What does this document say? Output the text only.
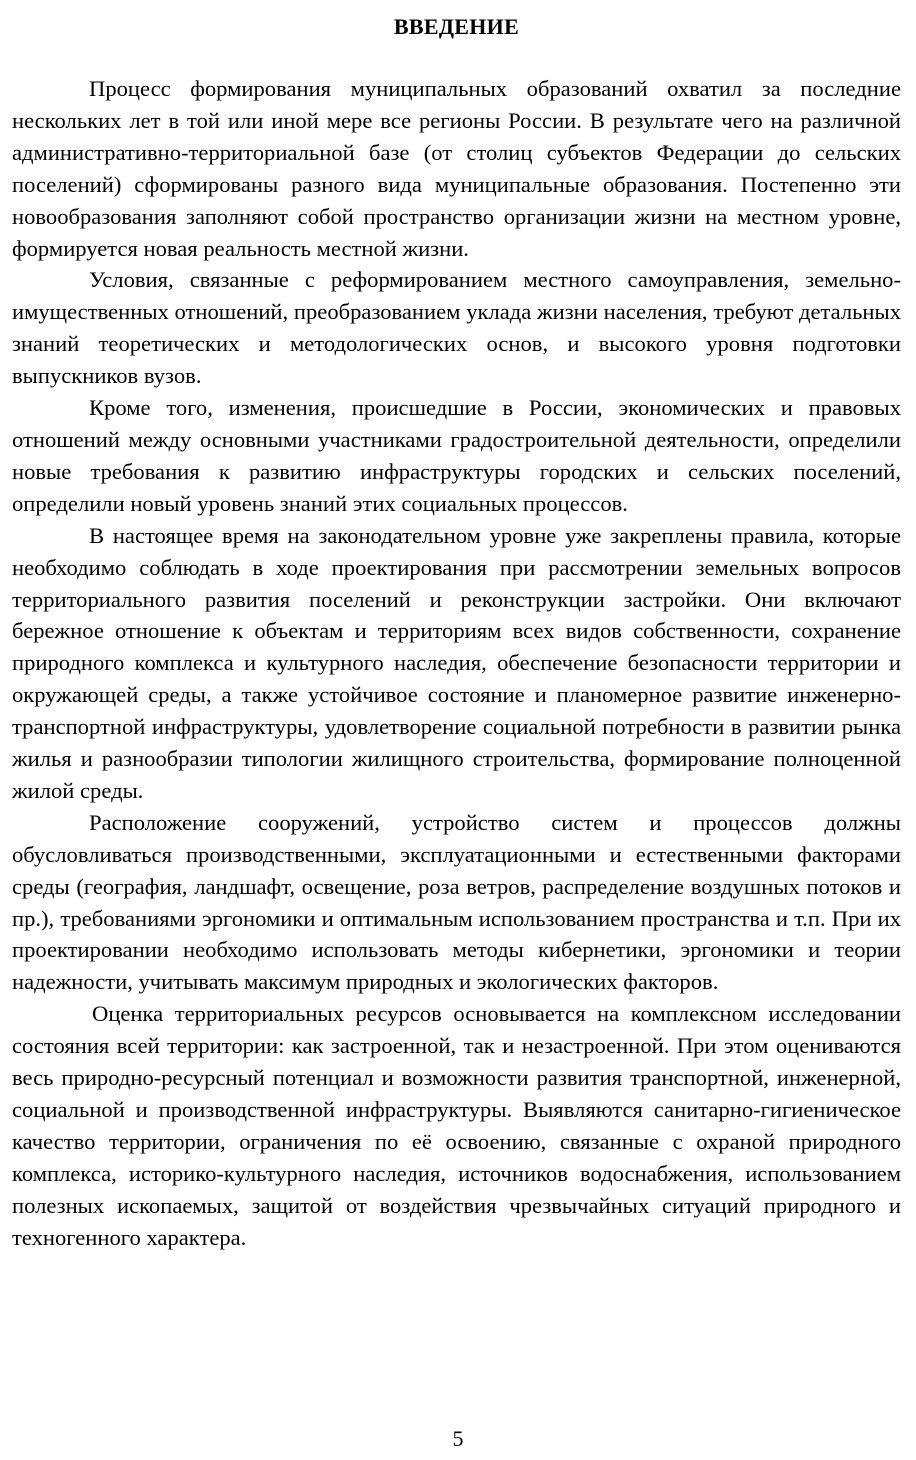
ВВЕДЕНИЕ

Процесс формирования муниципальных образований охватил за последние нескольких лет в той или иной мере все регионы России. В результате чего на различной административно-территориальной базе (от столиц субъектов Федерации до сельских поселений) сформированы разного вида муниципальные образования. Постепенно эти новообразования заполняют собой пространство организации жизни на местном уровне, формируется новая реальность местной жизни.

Условия, связанные с реформированием местного самоуправления, земельно-имущественных отношений, преобразованием уклада жизни населения, требуют детальных знаний теоретических и методологических основ, и высокого уровня подготовки выпускников вузов.

Кроме того, изменения, происшедшие в России, экономических и правовых отношений между основными участниками градостроительной деятельности, определили новые требования к развитию инфраструктуры городских и сельских поселений, определили новый уровень знаний этих социальных процессов.

В настоящее время на законодательном уровне уже закреплены правила, которые необходимо соблюдать в ходе проектирования при рассмотрении земельных вопросов территориального развития поселений и реконструкции застройки. Они включают бережное отношение к объектам и территориям всех видов собственности, сохранение природного комплекса и культурного наследия, обеспечение безопасности территории и окружающей среды, а также устойчивое состояние и планомерное развитие инженерно-транспортной инфраструктуры, удовлетворение социальной потребности в развитии рынка жилья и разнообразии типологии жилищного строительства, формирование полноценной жилой среды.

Расположение сооружений, устройство систем и процессов должны обусловливаться производственными, эксплуатационными и естественными факторами среды (география, ландшафт, освещение, роза ветров, распределение воздушных потоков и пр.), требованиями эргономики и оптимальным использованием пространства и т.п. При их проектировании необходимо использовать методы кибернетики, эргономики и теории надежности, учитывать максимум природных и экологических факторов.

Оценка территориальных ресурсов основывается на комплексном исследовании состояния всей территории: как застроенной, так и незастроенной. При этом оцениваются весь природно-ресурсный потенциал и возможности развития транспортной, инженерной, социальной и производственной инфраструктуры. Выявляются санитарно-гигиеническое качество территории, ограничения по её освоению, связанные с охраной природного комплекса, историко-культурного наследия, источников водоснабжения, использованием полезных ископаемых, защитой от воздействия чрезвычайных ситуаций природного и техногенного характера.

5
